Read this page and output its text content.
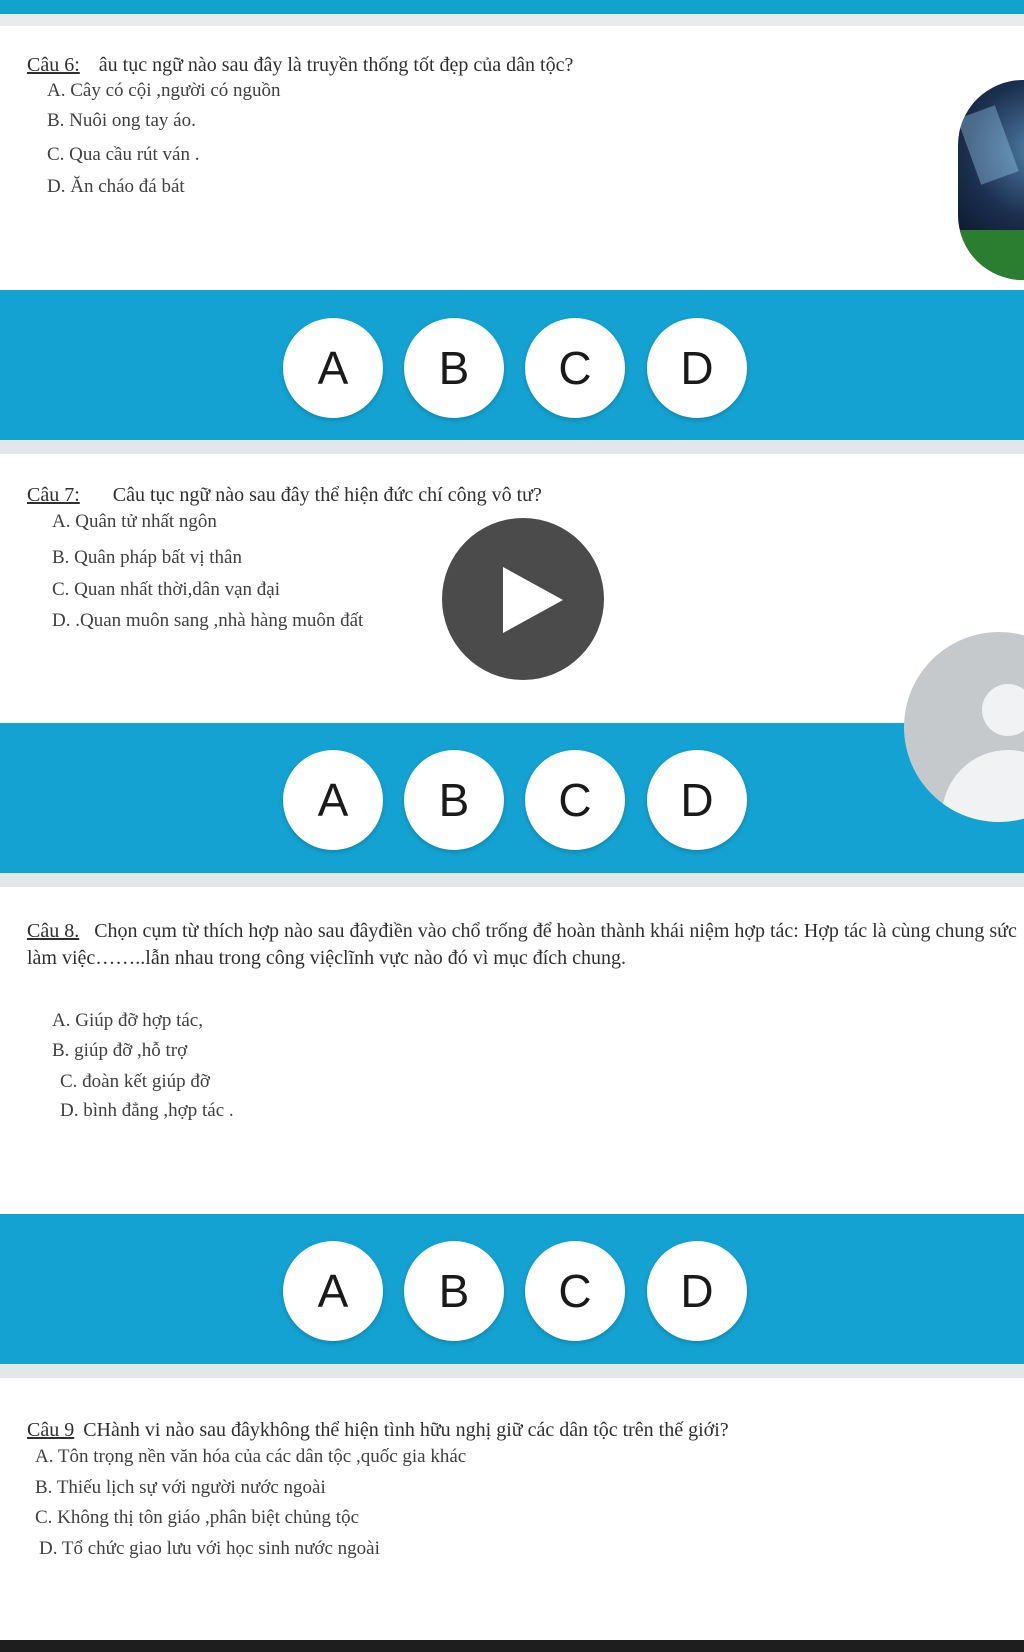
Câu 6: âu tục ngữ nào sau đây là truyền thống tốt đẹp của dân tộc?
A. Cây có cội ,người có nguồn
B. Nuôi ong tay áo.
C. Qua cầu rút ván .
D. Ăn cháo đá bát
A	B	C	D
Câu 7: Câu tục ngữ nào sau đây thể hiện đức chí công vô tư?
A. Quân tử nhất ngôn
B. Quân pháp bất vị thân
C. Quan nhất thời,dân vạn đại
D. .Quan muôn sang ,nhà hàng muôn đất
A	B	C	D
Câu 8. Chọn cụm từ thích hợp nào sau đâyđiền vào chổ trống để hoàn thành khái niệm hợp tác: Hợp tác là cùng chung sức làm việc……..lẫn nhau trong công việclĩnh vực nào đó vì mục đích chung.
A. Giúp đỡ hợp tác,
B. giúp đỡ ,hỗ trợ
C. đoàn kết giúp đỡ
D. bình đẳng ,hợp tác .
A	B	C	D
Câu 9 CHành vi nào sau đâykhông thể hiện tình hữu nghị giữ các dân tộc trên thế giới?
A. Tôn trọng nền văn hóa của các dân tộc ,quốc gia khác
B. Thiếu lịch sự với người nước ngoài
C. Không thị tôn giáo ,phân biệt chủng tộc
D. Tổ chức giao lưu với học sinh nước ngoài
